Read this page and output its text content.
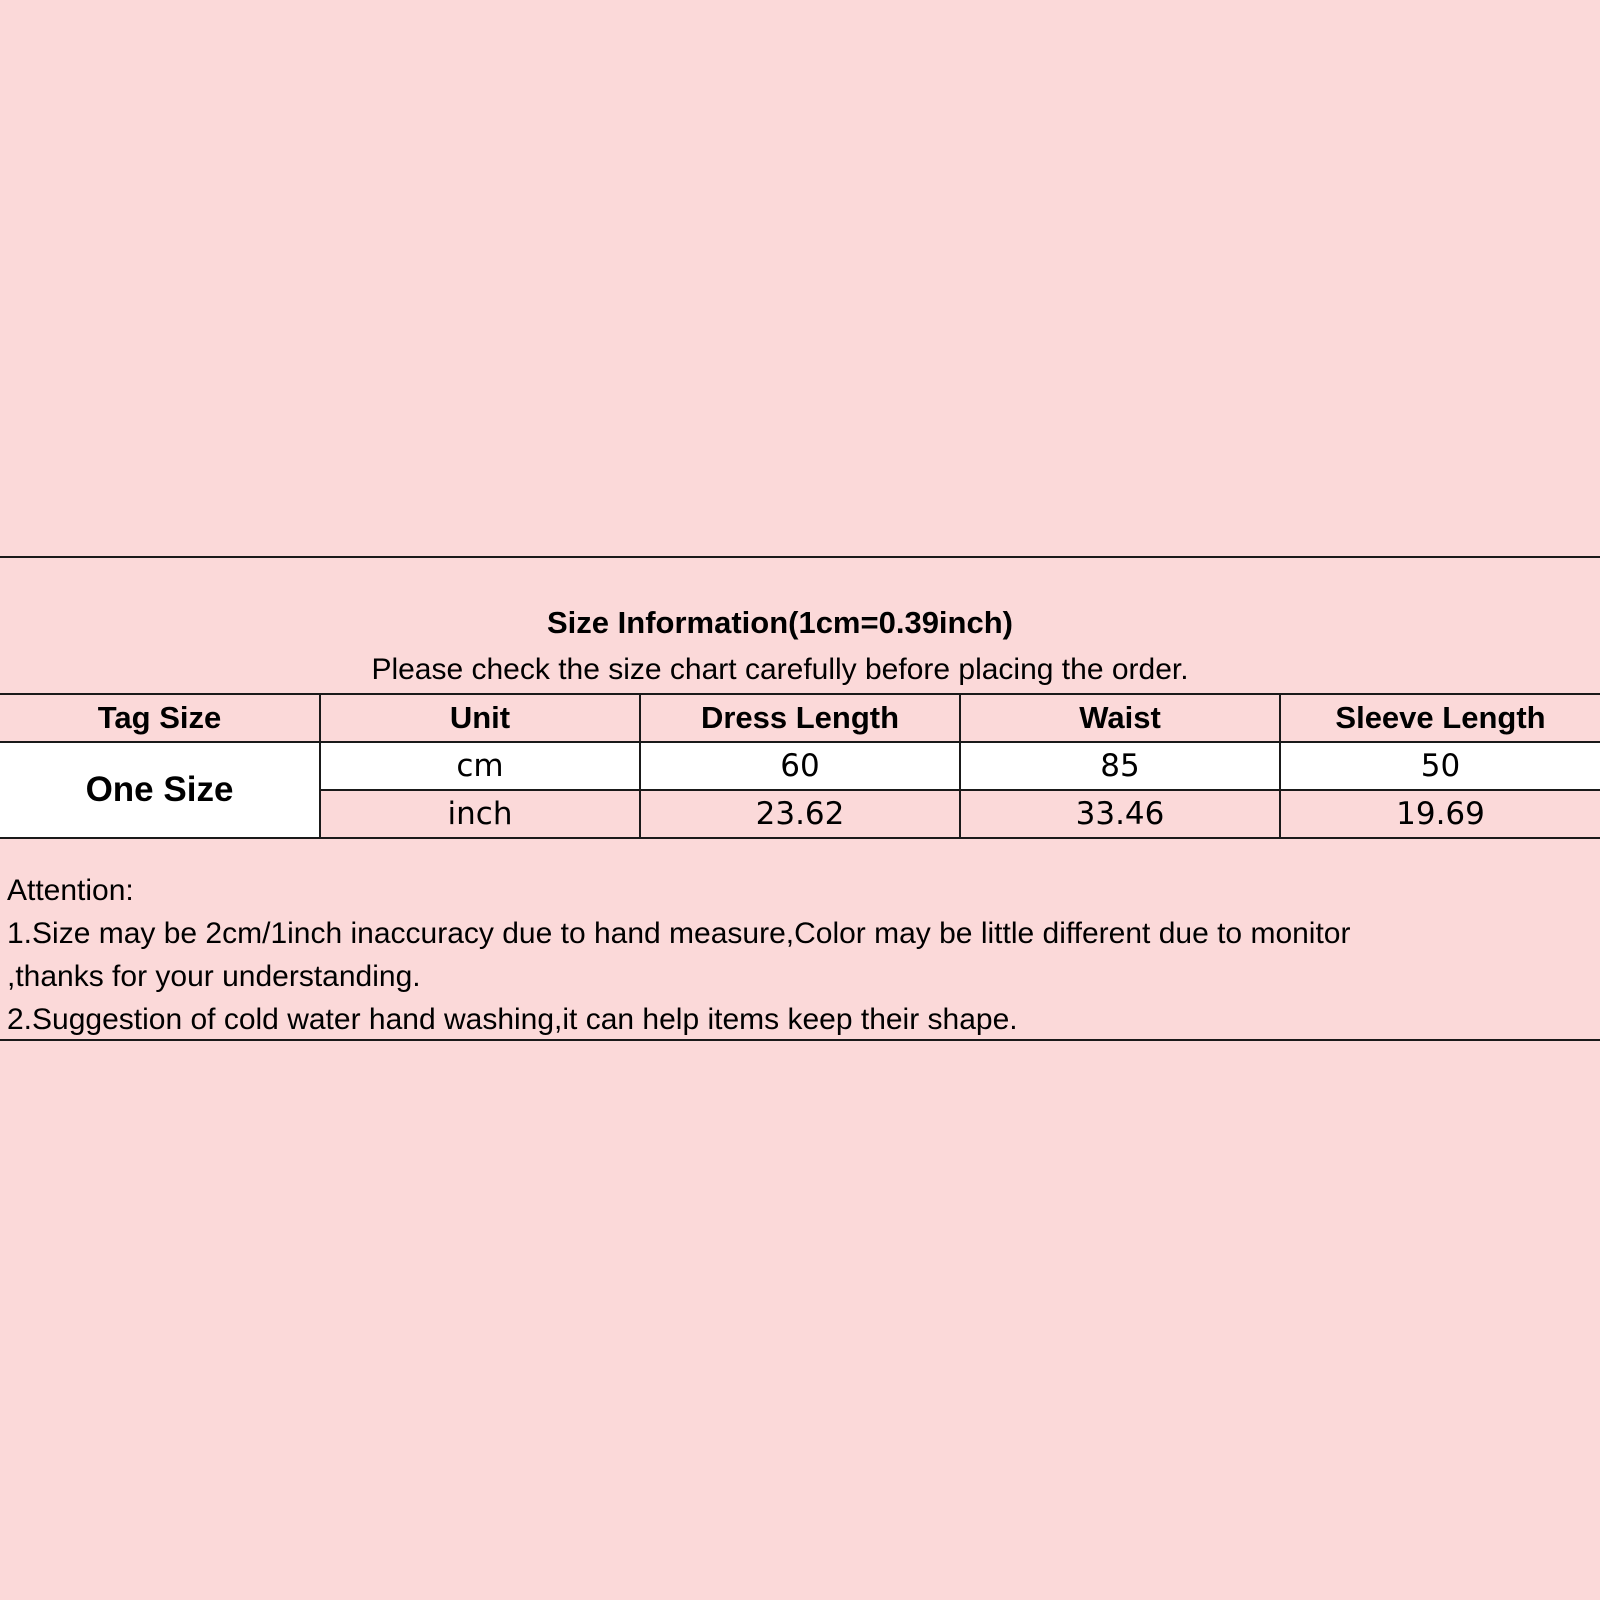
Size Information(1cm=0.39inch)
Please check the size chart carefully before placing the order.
Tag Size	Unit	Dress Length	Waist	Sleeve Length
One Size	cm	60	85	50
	inch	23.62	33.46	19.69
Attention:
1.Size may be 2cm/1inch inaccuracy due to hand measure,Color may be little different due to monitor
,thanks for your understanding.
2.Suggestion of cold water hand washing,it can help items keep their shape.
